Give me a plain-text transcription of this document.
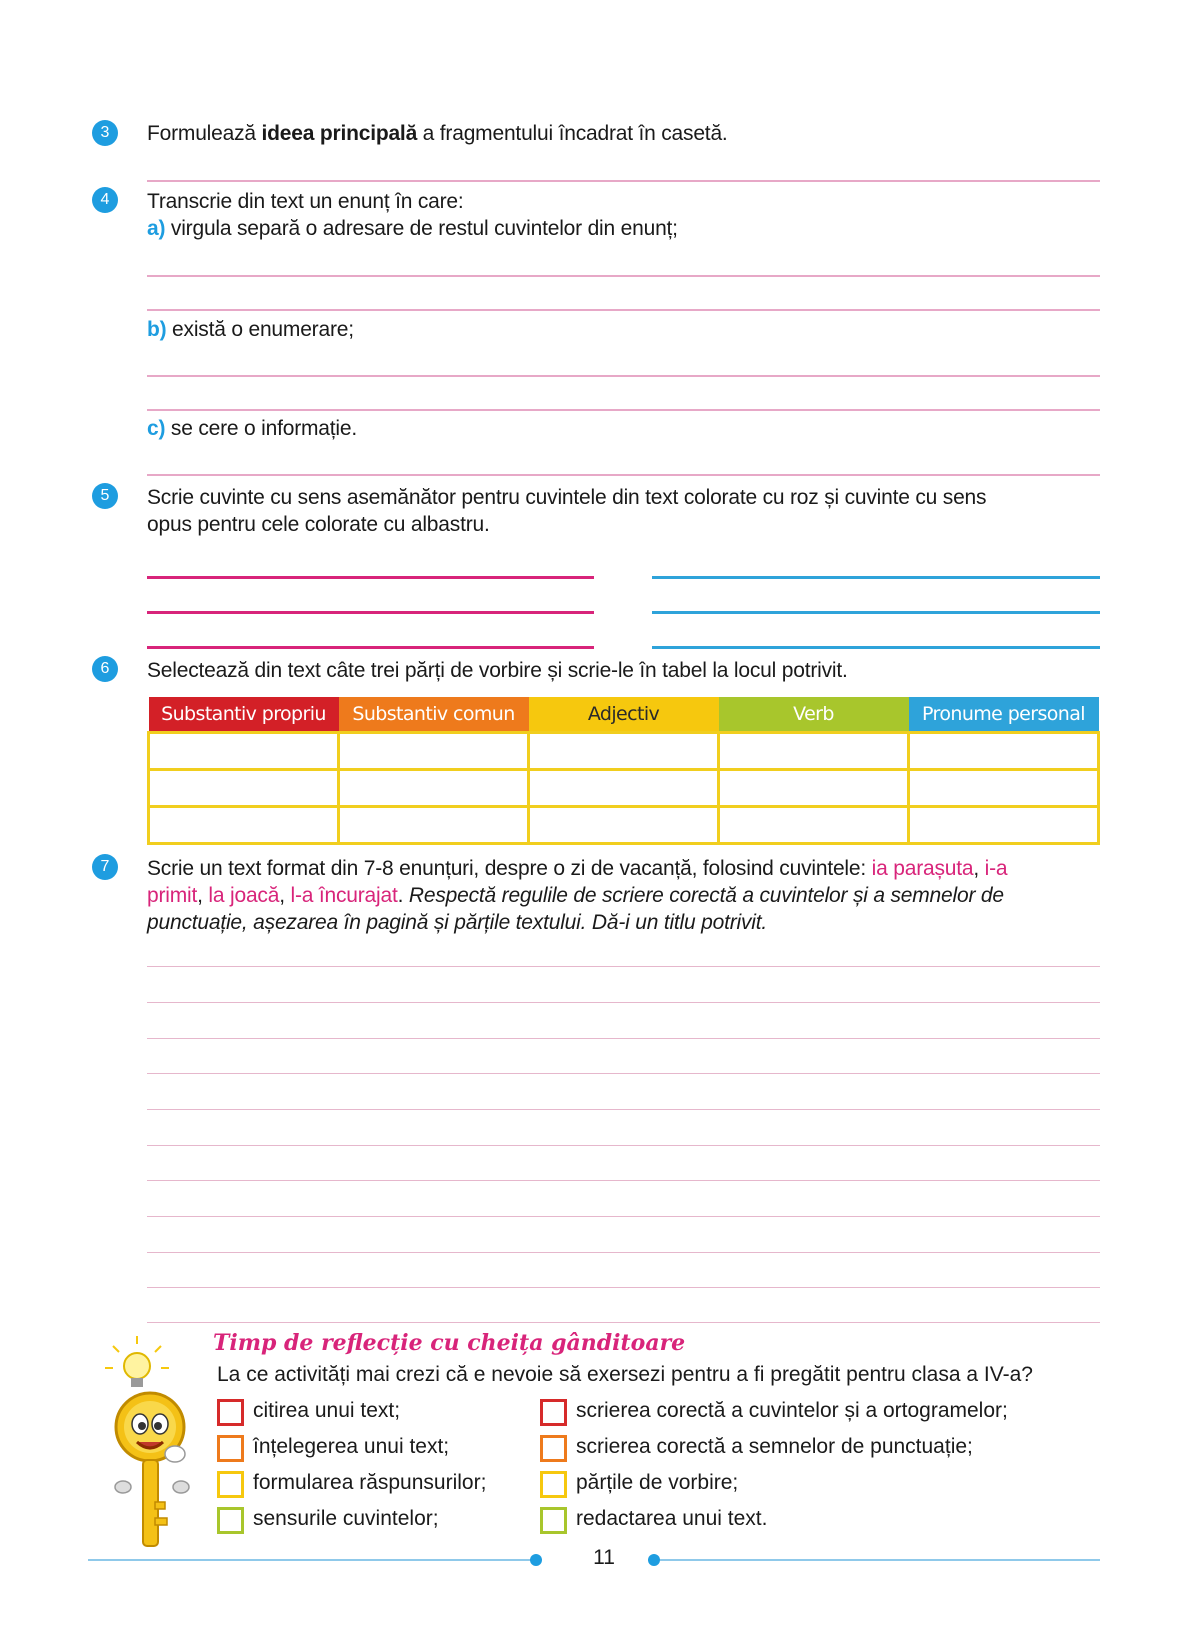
3	Formulează ideea principală a fragmentului încadrat în casetă.
4	Transcrie din text un enunț în care:
a) virgula separă o adresare de restul cuvintelor din enunț;
b) există o enumerare;
c) se cere o informație.
5	Scrie cuvinte cu sens asemănător pentru cuvintele din text colorate cu roz și cuvinte cu sens
opus pentru cele colorate cu albastru.
6	Selectează din text câte trei părți de vorbire și scrie-le în tabel la locul potrivit.
Substantiv propriu	Substantiv comun	Adjectiv	Verb	Pronume personal

7	Scrie un text format din 7-8 enunțuri, despre o zi de vacanță, folosind cuvintele: ia parașuta, i-a
primit, la joacă, l-a încurajat. Respectă regulile de scriere corectă a cuvintelor și a semnelor de
punctuație, așezarea în pagină și părțile textului. Dă-i un titlu potrivit.
Timp de reflecție cu cheița gânditoare
La ce activități mai crezi că e nevoie să exersezi pentru a fi pregătit pentru clasa a IV-a?
citirea unui text;
înțelegerea unui text;
formularea răspunsurilor;
sensurile cuvintelor;
scrierea corectă a cuvintelor și a ortogramelor;
scrierea corectă a semnelor de punctuație;
părțile de vorbire;
redactarea unui text.
11
